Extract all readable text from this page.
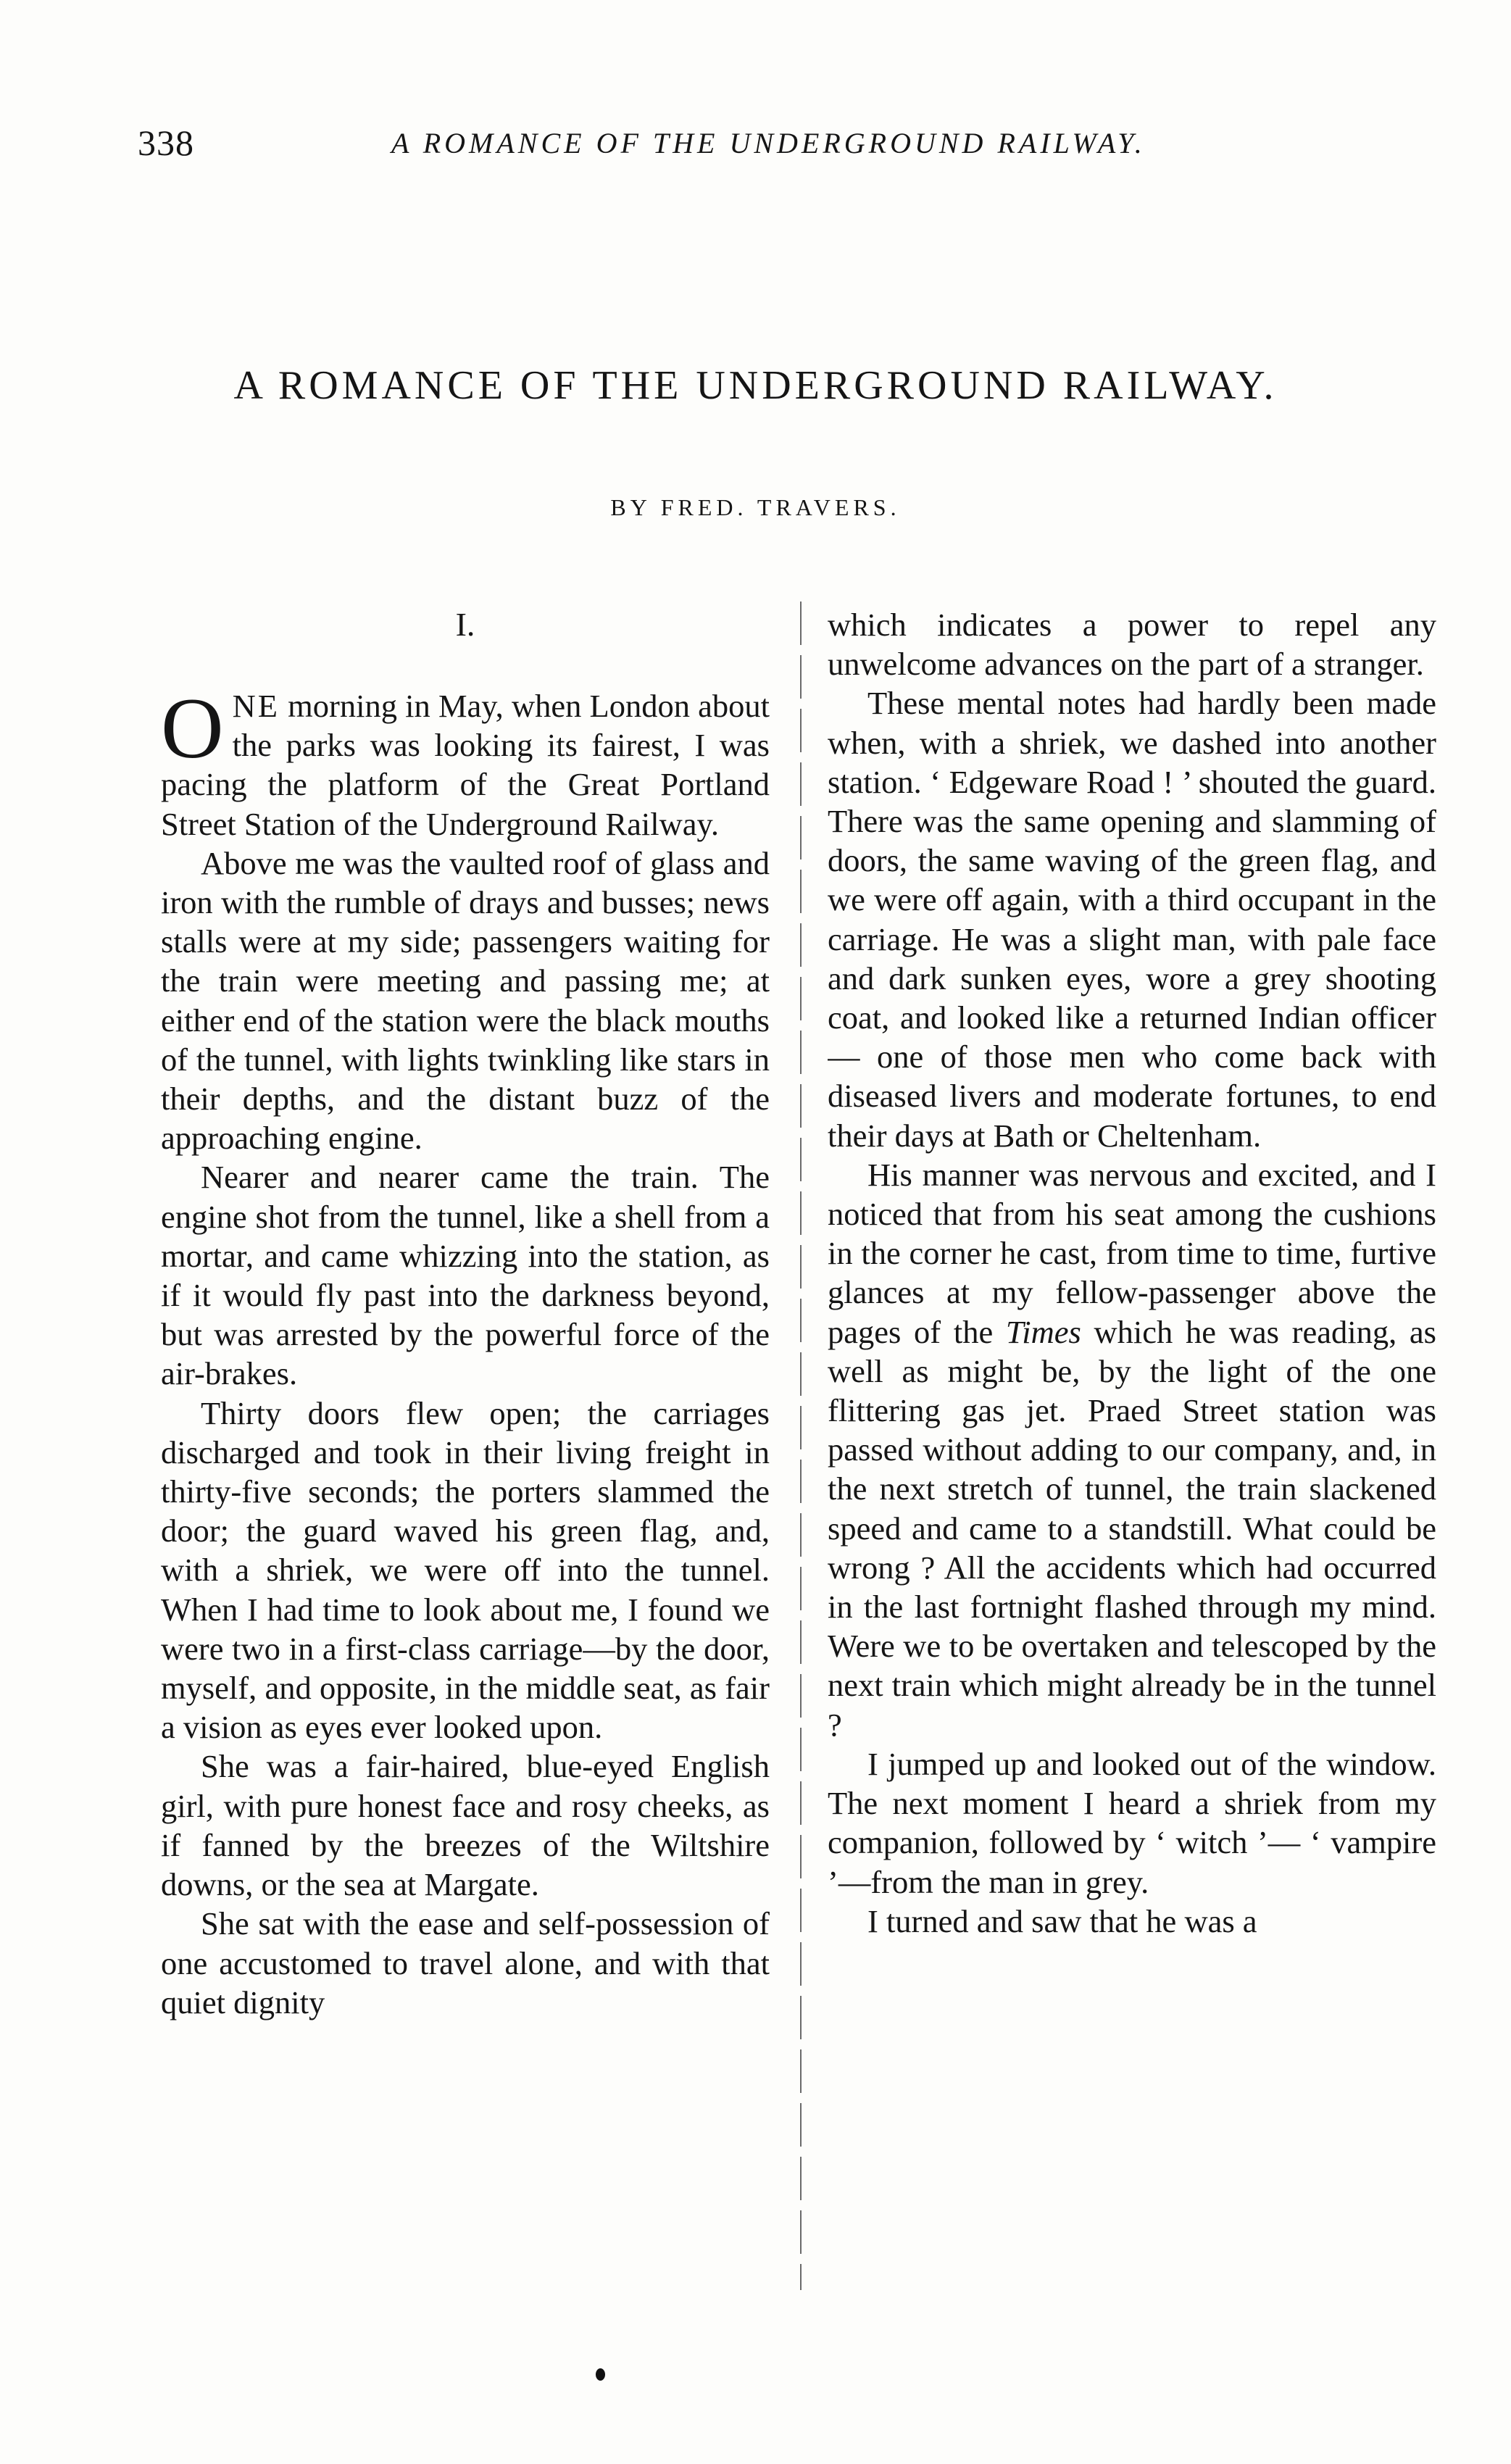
338	A ROMANCE OF THE UNDERGROUND RAILWAY.
A ROMANCE OF THE UNDERGROUND RAILWAY.
BY FRED. TRAVERS.
I.

ONE morning in May, when London about the parks was looking its fairest, I was pacing the platform of the Great Portland Street Station of the Underground Railway.

Above me was the vaulted roof of glass and iron with the rumble of drays and busses; news stalls were at my side; passengers waiting for the train were meeting and passing me; at either end of the station were the black mouths of the tunnel, with lights twinkling like stars in their depths, and the distant buzz of the approaching engine.

Nearer and nearer came the train. The engine shot from the tunnel, like a shell from a mortar, and came whizzing into the station, as if it would fly past into the darkness beyond, but was arrested by the powerful force of the air-brakes.

Thirty doors flew open; the carriages discharged and took in their living freight in thirty-five seconds; the porters slammed the door; the guard waved his green flag, and, with a shriek, we were off into the tunnel. When I had time to look about me, I found we were two in a first-class carriage—by the door, myself, and opposite, in the middle seat, as fair a vision as eyes ever looked upon.

She was a fair-haired, blue-eyed English girl, with pure honest face and rosy cheeks, as if fanned by the breezes of the Wiltshire downs, or the sea at Margate.

She sat with the ease and self-possession of one accustomed to travel alone, and with that quiet dignity

which indicates a power to repel any unwelcome advances on the part of a stranger.

These mental notes had hardly been made when, with a shriek, we dashed into another station. ‘ Edgeware Road ! ’ shouted the guard. There was the same opening and slamming of doors, the same waving of the green flag, and we were off again, with a third occupant in the carriage. He was a slight man, with pale face and dark sunken eyes, wore a grey shooting coat, and looked like a returned Indian officer — one of those men who come back with diseased livers and moderate fortunes, to end their days at Bath or Cheltenham.

His manner was nervous and excited, and I noticed that from his seat among the cushions in the corner he cast, from time to time, furtive glances at my fellow-passenger above the pages of the Times which he was reading, as well as might be, by the light of the one flittering gas jet. Praed Street station was passed without adding to our company, and, in the next stretch of tunnel, the train slackened speed and came to a standstill. What could be wrong ? All the accidents which had occurred in the last fortnight flashed through my mind. Were we to be overtaken and telescoped by the next train which might already be in the tunnel ?

I jumped up and looked out of the window. The next moment I heard a shriek from my companion, followed by ‘ witch ’— ‘ vampire ’—from the man in grey.

I turned and saw that he was a
